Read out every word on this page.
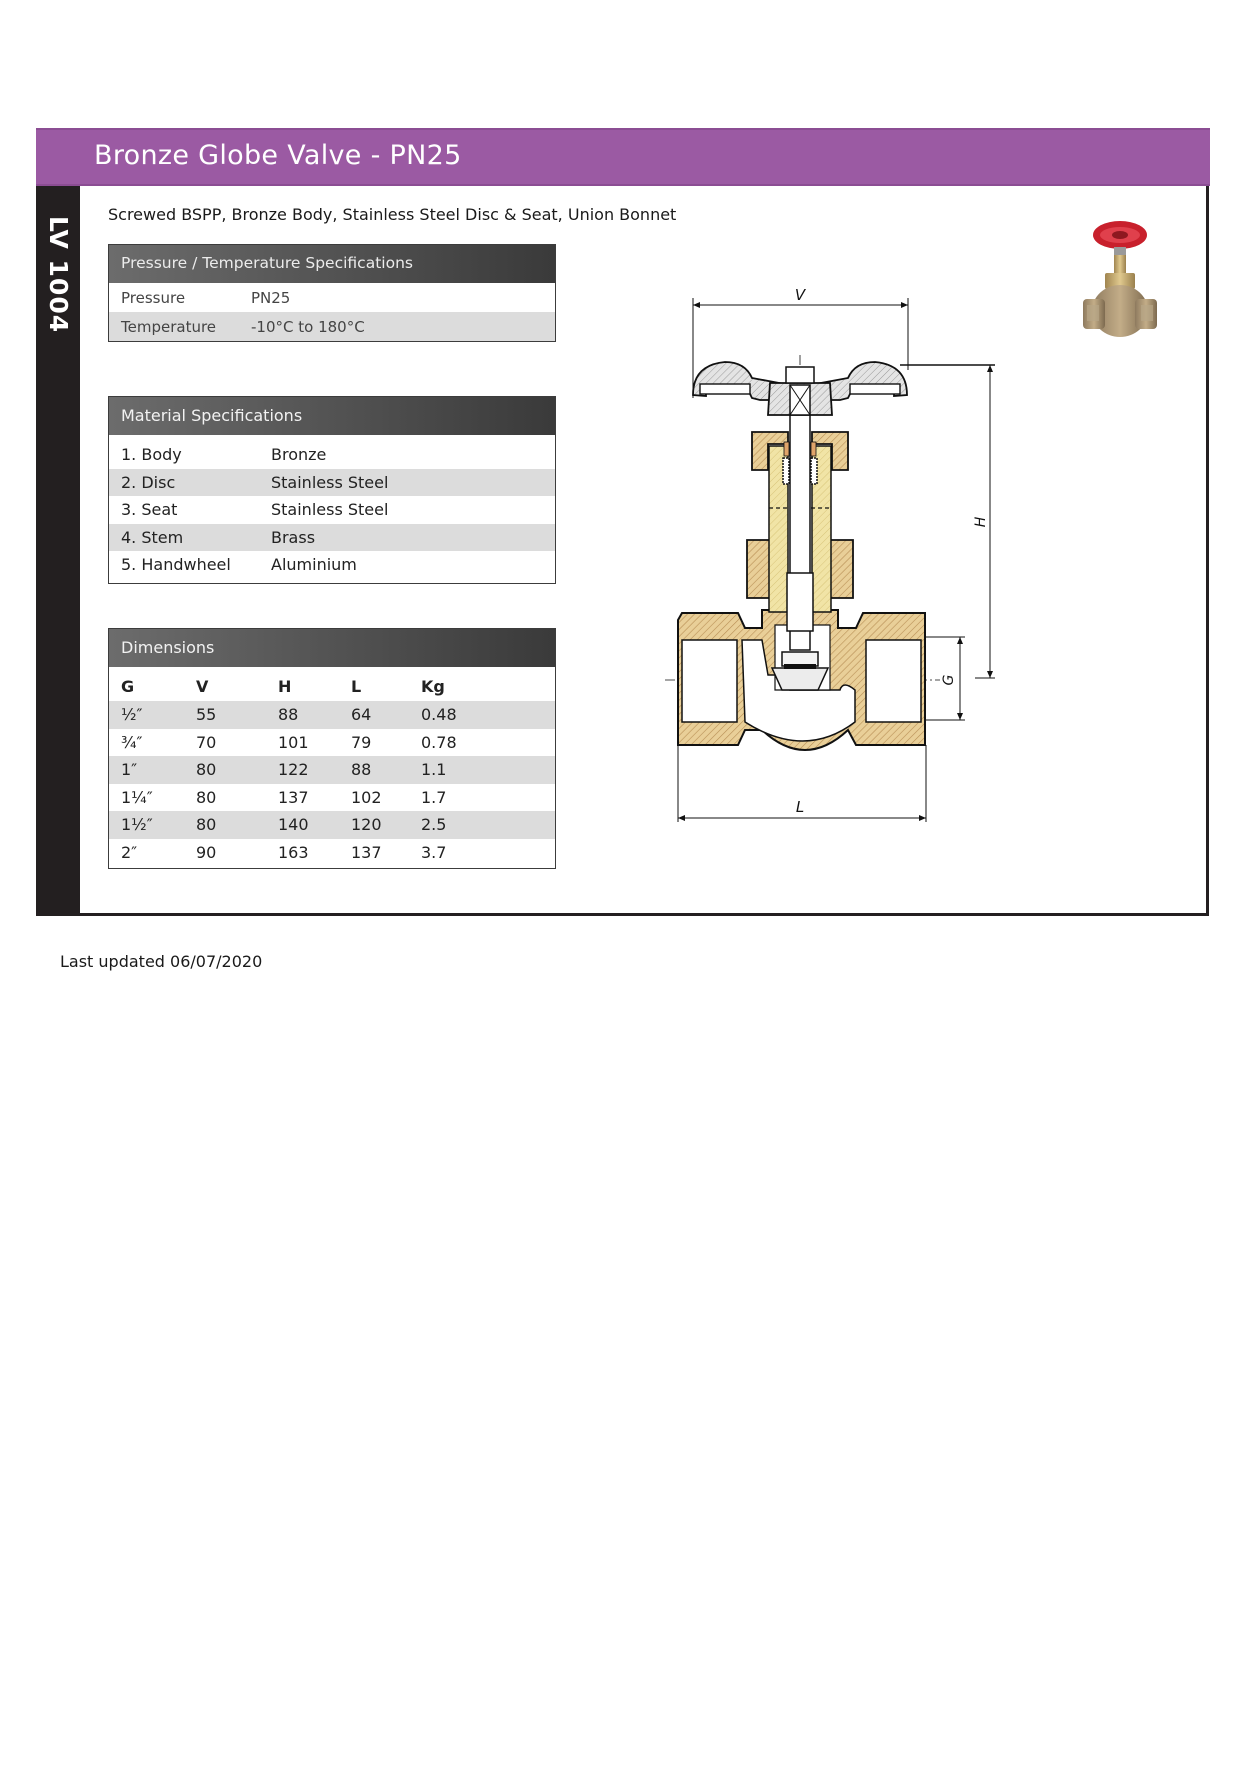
Bronze Globe Valve - PN25
LV 1004
Screwed BSPP, Bronze Body, Stainless Steel Disc & Seat, Union Bonnet
Pressure / Temperature Specifications
Pressure	PN25
Temperature	-10°C to 180°C
Material Specifications
1. Body	Bronze
2. Disc	Stainless Steel
3. Seat	Stainless Steel
4. Stem	Brass
5. Handwheel	Aluminium
Dimensions
G	V	H	L	Kg
½″	55	88	64	0.48
¾″	70	101	79	0.78
1″	80	122	88	1.1
1¼″	80	137	102	1.7
1½″	80	140	120	2.5
2″	90	163	137	3.7
V
H
G
L
Last updated 06/07/2020
